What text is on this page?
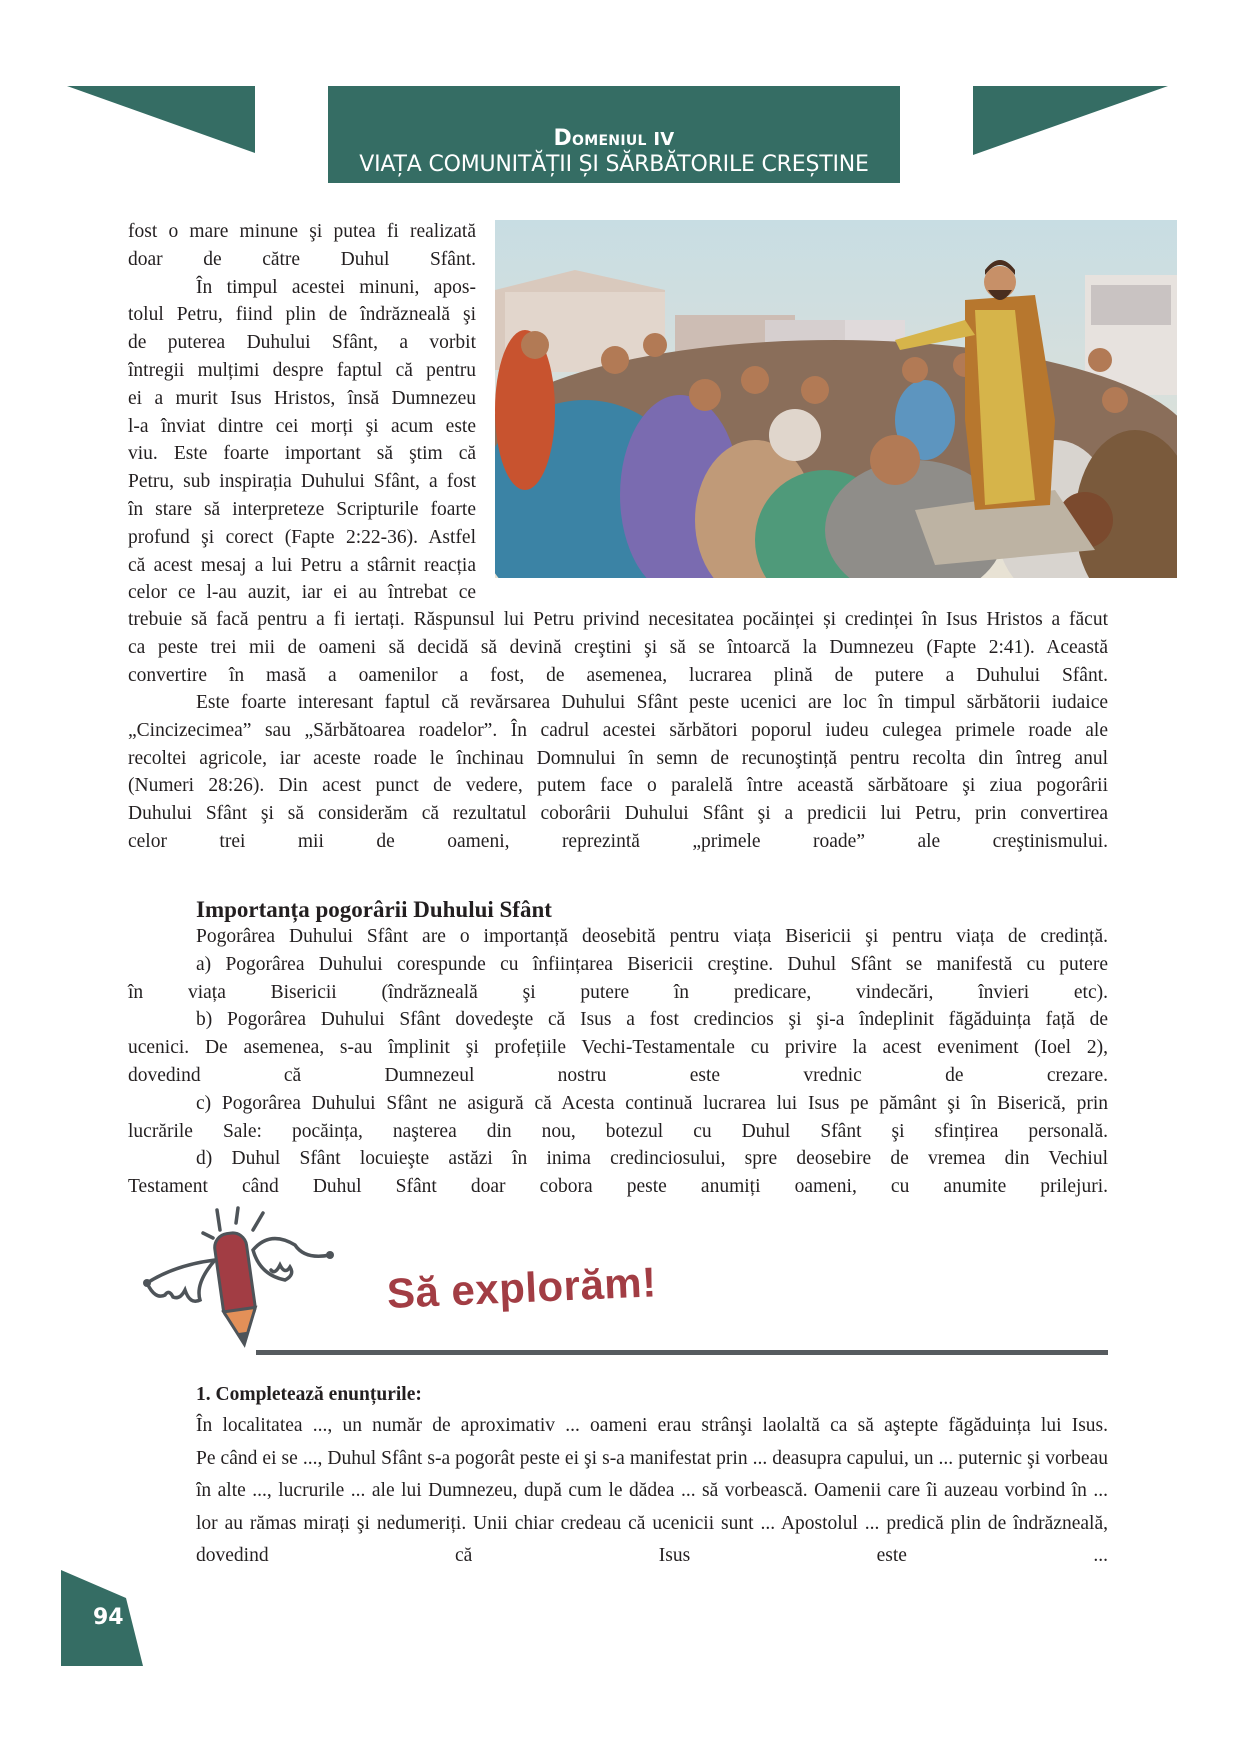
DOMENIUL IV
VIAȚA COMUNITĂȚII ȘI SĂRBĂTORILE CREȘTINE
fost o mare minune şi putea fi realizată
doar de către Duhul Sfânt.
În timpul acestei minuni, apos-
tolul Petru, fiind plin de îndrăzneală şi
de puterea Duhului Sfânt, a vorbit
întregii mulțimi despre faptul că pentru
ei a murit Isus Hristos, însă Dumnezeu
l-a înviat dintre cei morți şi acum este
viu. Este foarte important să ştim că
Petru, sub inspirația Duhului Sfânt, a fost
în stare să interpreteze Scripturile foarte
profund şi corect (Fapte 2:22-36). Astfel
că acest mesaj a lui Petru a stârnit reacția
celor ce l-au auzit, iar ei au întrebat ce
trebuie să facă pentru a fi iertați. Răspunsul lui Petru privind necesitatea pocăinței și credinței în Isus Hristos a făcut
ca peste trei mii de oameni să decidă să devină creştini şi să se întoarcă la Dumnezeu (Fapte 2:41). Această
convertire în masă a oamenilor a fost, de asemenea, lucrarea plină de putere a Duhului Sfânt.
Este foarte interesant faptul că revărsarea Duhului Sfânt peste ucenici are loc în timpul sărbătorii iudaice
„Cincizecimea” sau „Sărbătoarea roadelor”. În cadrul acestei sărbători poporul iudeu culegea primele roade ale
recoltei agricole, iar aceste roade le închinau Domnului în semn de recunoştință pentru recolta din întreg anul
(Numeri 28:26). Din acest punct de vedere, putem face o paralelă între această sărbătoare şi ziua pogorârii
Duhului Sfânt şi să considerăm că rezultatul coborârii Duhului Sfânt şi a predicii lui Petru, prin convertirea
celor trei mii de oameni, reprezintă „primele roade” ale creştinismului.
Importanța pogorârii Duhului Sfânt
Pogorârea Duhului Sfânt are o importanță deosebită pentru viața Bisericii şi pentru viața de credință.
a) Pogorârea Duhului corespunde cu înființarea Bisericii creştine. Duhul Sfânt se manifestă cu putere
în viața Bisericii (îndrăzneală şi putere în predicare, vindecări, învieri etc).
b) Pogorârea Duhului Sfânt dovedeşte că Isus a fost credincios şi şi-a îndeplinit făgăduința față de
ucenici. De asemenea, s-au împlinit şi profețiile Vechi-Testamentale cu privire la acest eveniment (Ioel 2),
dovedind că Dumnezeul nostru este vrednic de crezare.
c) Pogorârea Duhului Sfânt ne asigură că Acesta continuă lucrarea lui Isus pe pământ şi în Biserică, prin
lucrările Sale: pocăința, naşterea din nou, botezul cu Duhul Sfânt şi sfințirea personală.
d) Duhul Sfânt locuieşte astăzi în inima credinciosului, spre deosebire de vremea din Vechiul
Testament când Duhul Sfânt doar cobora peste anumiți oameni, cu anumite prilejuri.
Să explorăm!
1. Completează enunțurile:
În localitatea ..., un număr de aproximativ ... oameni erau strânşi laolaltă ca să aştepte făgăduința lui Isus.
Pe când ei se ..., Duhul Sfânt s-a pogorât peste ei şi s-a manifestat prin ... deasupra capului, un ... puternic şi vorbeau
în alte ..., lucrurile ... ale lui Dumnezeu, după cum le dădea ... să vorbească. Oamenii care îi auzeau vorbind în ...
lor au rămas mirați şi nedumeriți. Unii chiar credeau că ucenicii sunt ... Apostolul ... predică plin de îndrăzneală,
dovedind că Isus este ...
94
